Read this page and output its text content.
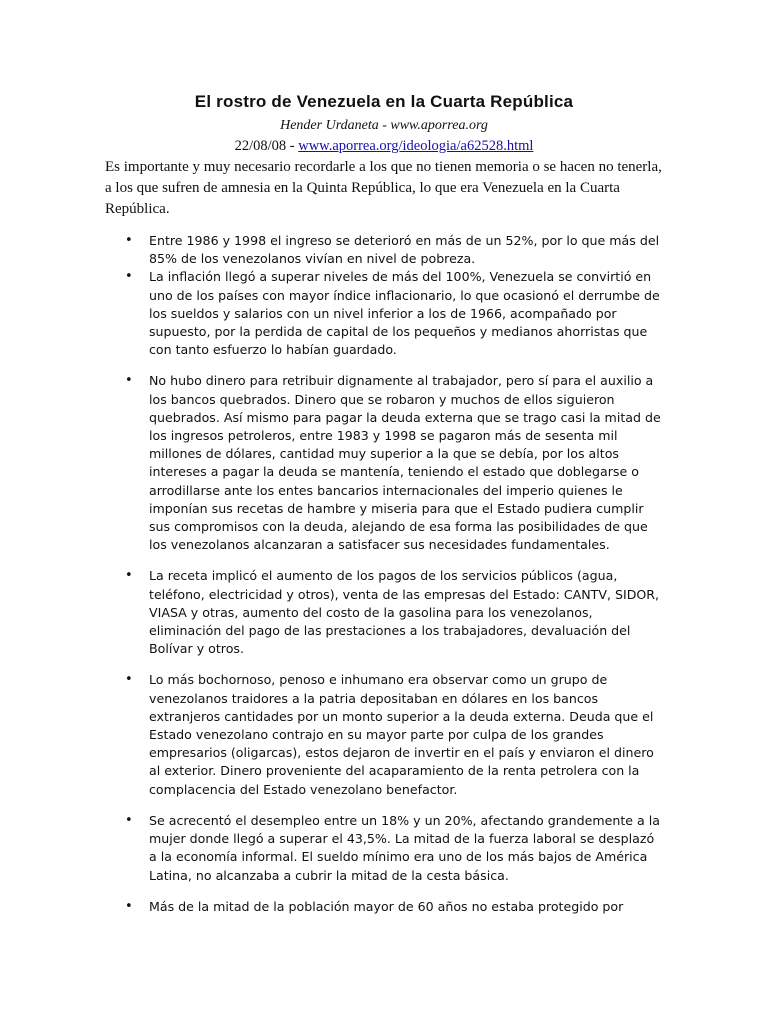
El rostro de Venezuela en la Cuarta República
Hender Urdaneta - www.aporrea.org
22/08/08 - www.aporrea.org/ideologia/a62528.html

Es importante y muy necesario recordarle a los que no tienen memoria o se hacen no tenerla, a los que sufren de amnesia en la Quinta República, lo que era Venezuela en la Cuarta República.

• Entre 1986 y 1998 el ingreso se deterioró en más de un 52%, por lo que más del 85% de los venezolanos vivían en nivel de pobreza.
• La inflación llegó a superar niveles de más del 100%, Venezuela se convirtió en uno de los países con mayor índice inflacionario, lo que ocasionó el derrumbe de los sueldos y salarios con un nivel inferior a los de 1966, acompañado por supuesto, por la perdida de capital de los pequeños y medianos ahorristas que con tanto esfuerzo lo habían guardado.
• No hubo dinero para retribuir dignamente al trabajador, pero sí para el auxilio a los bancos quebrados. Dinero que se robaron y muchos de ellos siguieron quebrados. Así mismo para pagar la deuda externa que se trago casi la mitad de los ingresos petroleros, entre 1983 y 1998 se pagaron más de sesenta mil millones de dólares, cantidad muy superior a la que se debía, por los altos intereses a pagar la deuda se mantenía, teniendo el estado que doblegarse o arrodillarse ante los entes bancarios internacionales del imperio quienes le imponían sus recetas de hambre y miseria para que el Estado pudiera cumplir sus compromisos con la deuda, alejando de esa forma las posibilidades de que los venezolanos alcanzaran a satisfacer sus necesidades fundamentales.
• La receta implicó el aumento de los pagos de los servicios públicos (agua, teléfono, electricidad y otros), venta de las empresas del Estado: CANTV, SIDOR, VIASA y otras, aumento del costo de la gasolina para los venezolanos, eliminación del pago de las prestaciones a los trabajadores, devaluación del Bolívar y otros.
• Lo más bochornoso, penoso e inhumano era observar como un grupo de venezolanos traidores a la patria depositaban en dólares en los bancos extranjeros cantidades por un monto superior a la deuda externa. Deuda que el Estado venezolano contrajo en su mayor parte por culpa de los grandes empresarios (oligarcas), estos dejaron de invertir en el país y enviaron el dinero al exterior. Dinero proveniente del acaparamiento de la renta petrolera con la complacencia del Estado venezolano benefactor.
• Se acrecentó el desempleo entre un 18% y un 20%, afectando grandemente a la mujer donde llegó a superar el 43,5%. La mitad de la fuerza laboral se desplazó a la economía informal. El sueldo mínimo era uno de los más bajos de América Latina, no alcanzaba a cubrir la mitad de la cesta básica.
• Más de la mitad de la población mayor de 60 años no estaba protegido por
